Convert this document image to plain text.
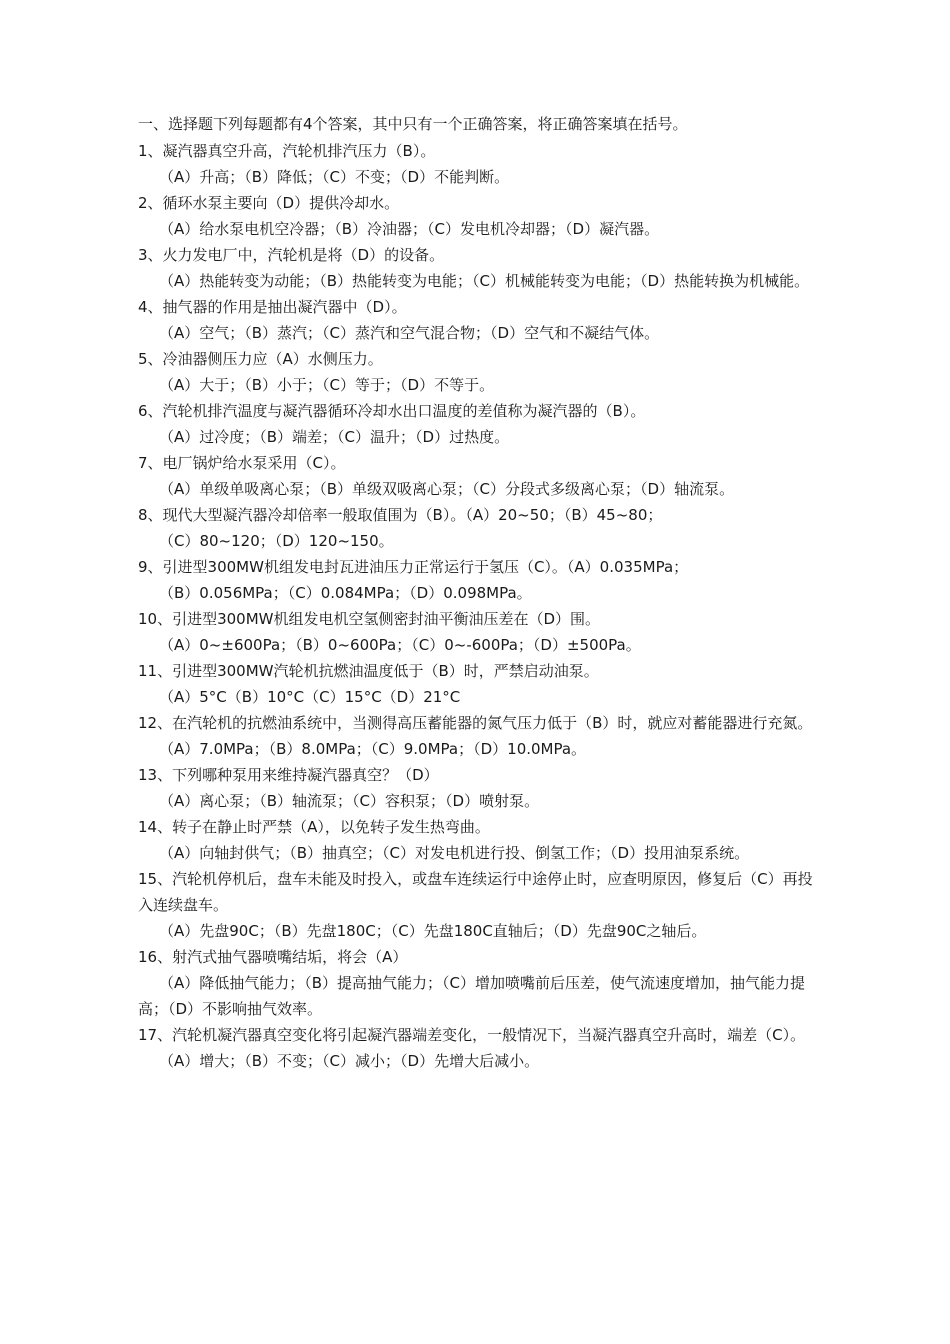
一、选择题下列每题都有4个答案，其中只有一个正确答案，将正确答案填在括号。

1、凝汽器真空升高，汽轮机排汽压力（B）。

（A）升高；（B）降低；（C）不变；（D）不能判断。

2、循环水泵主要向（D）提供冷却水。

（A）给水泵电机空冷器；（B）冷油器；（C）发电机冷却器；（D）凝汽器。

3、火力发电厂中，汽轮机是将（D）的设备。

（A）热能转变为动能；（B）热能转变为电能；（C）机械能转变为电能；（D）热能转换为机械能。

4、抽气器的作用是抽出凝汽器中（D）。

（A）空气；（B）蒸汽；（C）蒸汽和空气混合物；（D）空气和不凝结气体。

5、冷油器侧压力应（A）水侧压力。

（A）大于；（B）小于；（C）等于；（D）不等于。

6、汽轮机排汽温度与凝汽器循环冷却水出口温度的差值称为凝汽器的（B）。

（A）过冷度；（B）端差；（C）温升；（D）过热度。

7、电厂锅炉给水泵采用（C）。

（A）单级单吸离心泵；（B）单级双吸离心泵；（C）分段式多级离心泵；（D）轴流泵。

8、现代大型凝汽器冷却倍率一般取值围为（B）。（A）20~50；（B）45~80；

（C）80~120；（D）120~150。

9、引进型300MW机组发电封瓦进油压力正常运行于氢压（C）。（A）0.035MPa；

（B）0.056MPa；（C）0.084MPa；（D）0.098MPa。

10、引进型300MW机组发电机空氢侧密封油平衡油压差在（D）围。

（A）0~±600Pa；（B）0~600Pa；（C）0~-600Pa；（D）±500Pa。

11、引进型300MW汽轮机抗燃油温度低于（B）时，严禁启动油泵。

（A）5°C（B）10°C（C）15°C（D）21°C

12、在汽轮机的抗燃油系统中，当测得高压蓄能器的氮气压力低于（B）时，就应对蓄能器进行充氮。

（A）7.0MPa；（B）8.0MPa；（C）9.0MPa；（D）10.0MPa。

13、下列哪种泵用来维持凝汽器真空？（D）

（A）离心泵；（B）轴流泵；（C）容积泵；（D）喷射泵。

14、转子在静止时严禁（A），以免转子发生热弯曲。

（A）向轴封供气；（B）抽真空；（C）对发电机进行投、倒氢工作；（D）投用油泵系统。

15、汽轮机停机后，盘车未能及时投入，或盘车连续运行中途停止时，应查明原因，修复后（C）再投入连续盘车。

（A）先盘90C；（B）先盘180C；（C）先盘180C直轴后；（D）先盘90C之轴后。

16、射汽式抽气器喷嘴结垢，将会（A）

（A）降低抽气能力；（B）提高抽气能力；（C）增加喷嘴前后压差，使气流速度增加，抽气能力提高；（D）不影响抽气效率。

17、汽轮机凝汽器真空变化将引起凝汽器端差变化，一般情况下，当凝汽器真空升高时，端差（C）。

（A）增大；（B）不变；（C）减小；（D）先增大后减小。
